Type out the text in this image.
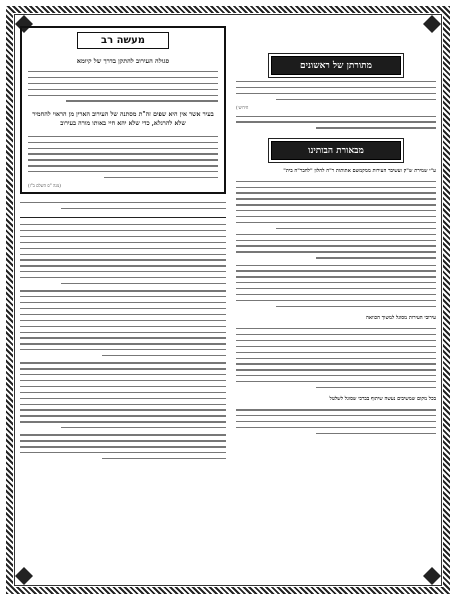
מתורתן של ראשונים
(חידושי
מבאורת הבותינו
ע"י שמירת ש"ק ועשיבר העירות ממקמשם אתותות ר"ה להלון "לחבר"ה בית"
עירובי העירות מסוגל למשוך הכוואה
בכל מקום שמשיבים נעשה שיתוף בברכי שסוגל לשלטל
מעשה רב
סגולה העירוב להתקן בדרך של קיומא
בעיר אשר אין היא שפים זה"ת מסתנה של העירוב הארין מן הראוי להחמיר שלא להרגלא, כדי שלא יהא חיי באותו מורה בעירוב
(מנה "ס השלם ב"ז)
